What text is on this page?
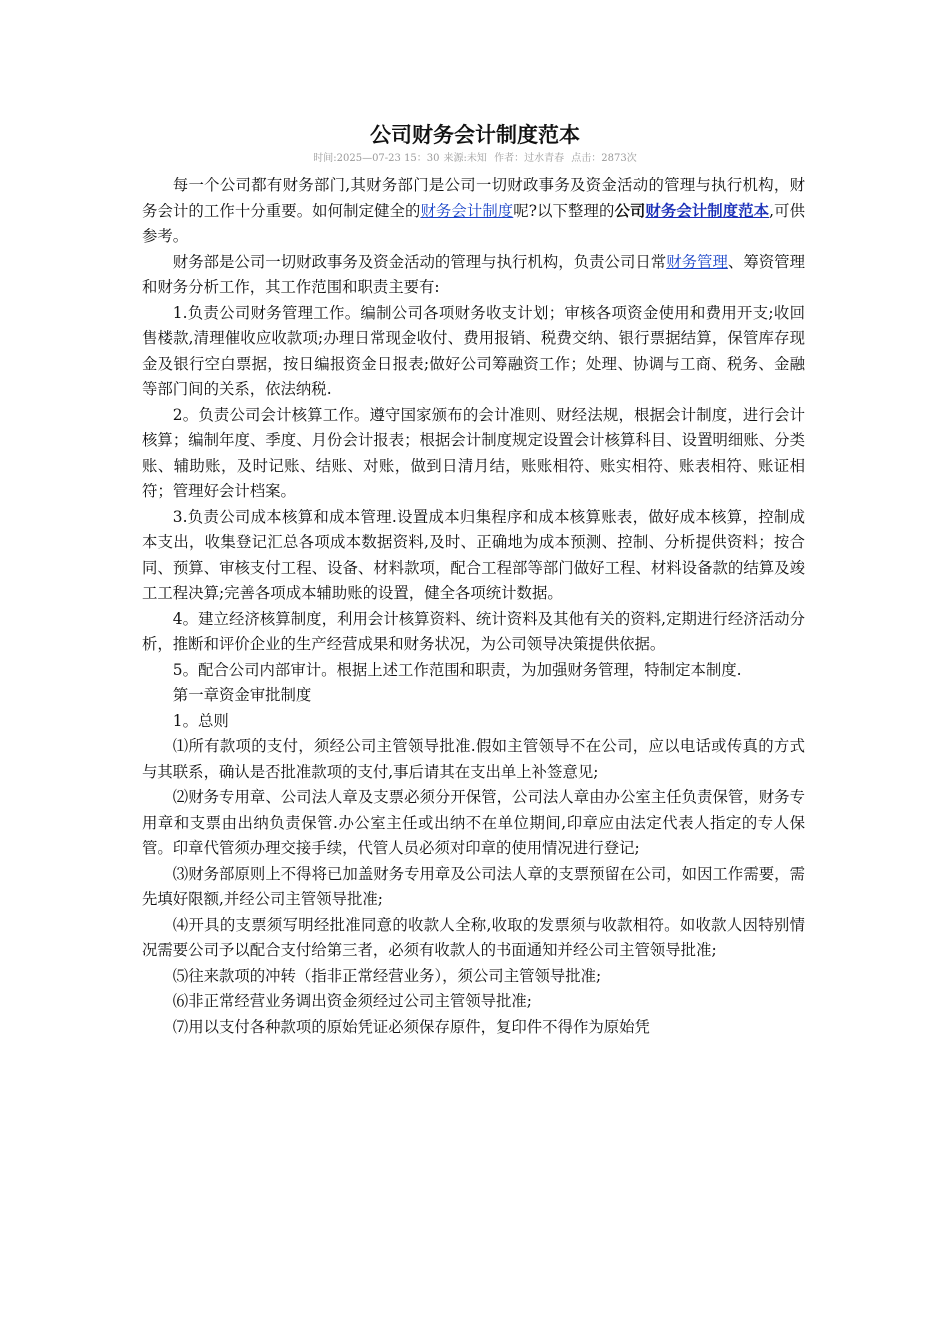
公司财务会计制度范本
时间:2025—07-23 15：30 来源:未知 作者：过水青春 点击：2873次

每一个公司都有财务部门,其财务部门是公司一切财政事务及资金活动的管理与执行机构，财务会计的工作十分重要。如何制定健全的财务会计制度呢?以下整理的公司财务会计制度范本,可供参考。

财务部是公司一切财政事务及资金活动的管理与执行机构，负责公司日常财务管理、筹资管理和财务分析工作，其工作范围和职责主要有:

1.负责公司财务管理工作。编制公司各项财务收支计划；审核各项资金使用和费用开支;收回售楼款,清理催收应收款项;办理日常现金收付、费用报销、税费交纳、银行票据结算，保管库存现金及银行空白票据，按日编报资金日报表;做好公司筹融资工作；处理、协调与工商、税务、金融等部门间的关系，依法纳税.

2。负责公司会计核算工作。遵守国家颁布的会计准则、财经法规，根据会计制度，进行会计核算；编制年度、季度、月份会计报表；根据会计制度规定设置会计核算科目、设置明细账、分类账、辅助账，及时记账、结账、对账，做到日清月结，账账相符、账实相符、账表相符、账证相符；管理好会计档案。

3.负责公司成本核算和成本管理.设置成本归集程序和成本核算账表，做好成本核算，控制成本支出，收集登记汇总各项成本数据资料,及时、正确地为成本预测、控制、分析提供资料；按合同、预算、审核支付工程、设备、材料款项，配合工程部等部门做好工程、材料设备款的结算及竣工工程决算;完善各项成本辅助账的设置，健全各项统计数据。

4。建立经济核算制度，利用会计核算资料、统计资料及其他有关的资料,定期进行经济活动分析，推断和评价企业的生产经营成果和财务状况，为公司领导决策提供依据。

5。配合公司内部审计。根据上述工作范围和职责，为加强财务管理，特制定本制度.

第一章资金审批制度

1。总则

⑴所有款项的支付，须经公司主管领导批准.假如主管领导不在公司，应以电话或传真的方式与其联系，确认是否批准款项的支付,事后请其在支出单上补签意见;

⑵财务专用章、公司法人章及支票必须分开保管，公司法人章由办公室主任负责保管，财务专用章和支票由出纳负责保管.办公室主任或出纳不在单位期间,印章应由法定代表人指定的专人保管。印章代管须办理交接手续，代管人员必须对印章的使用情况进行登记;

⑶财务部原则上不得将已加盖财务专用章及公司法人章的支票预留在公司，如因工作需要，需先填好限额,并经公司主管领导批准;

⑷开具的支票须写明经批准同意的收款人全称,收取的发票须与收款相符。如收款人因特别情况需要公司予以配合支付给第三者，必须有收款人的书面通知并经公司主管领导批准;

⑸往来款项的冲转（指非正常经营业务），须公司主管领导批准;

⑹非正常经营业务调出资金须经过公司主管领导批准;

⑺用以支付各种款项的原始凭证必须保存原件，复印件不得作为原始凭
